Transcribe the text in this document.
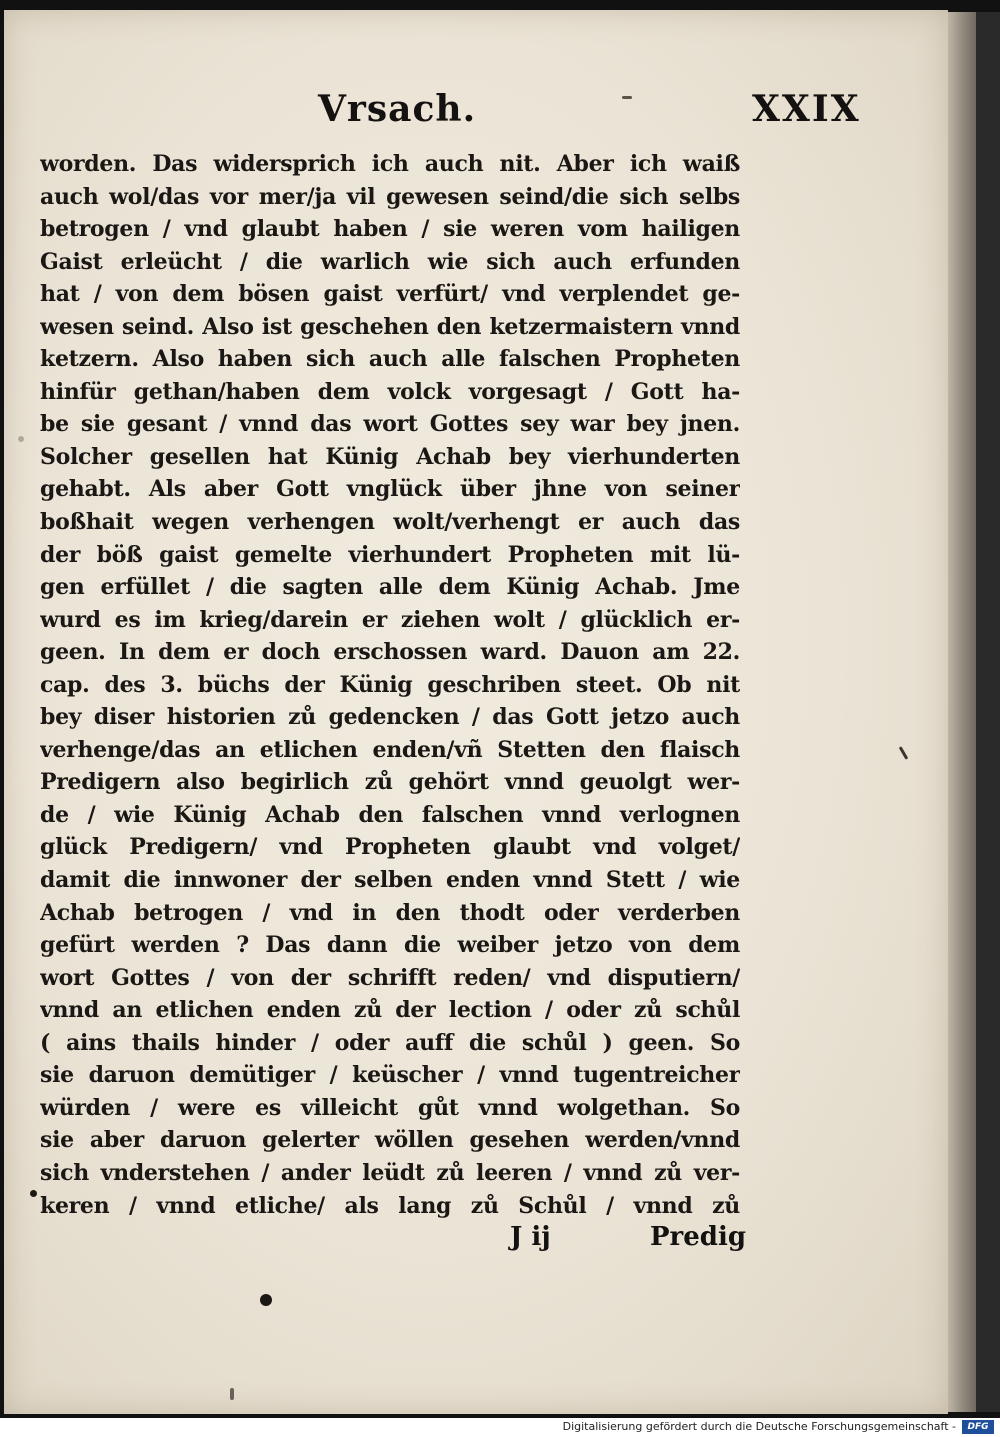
Vrsach.	XXIX
worden. Das widersprich ich auch nit. Aber ich waiß
auch wol/das vor mer/ja vil gewesen seind/die sich selbs
betrogen / vnd glaubt haben / sie weren vom hailigen
Gaist erleücht / die warlich wie sich auch erfunden
hat / von dem bösen gaist verfürt/ vnd verplendet ge-
wesen seind. Also ist geschehen den ketzermaistern vnnd
ketzern. Also haben sich auch alle falschen Propheten
hinfür gethan/haben dem volck vorgesagt / Gott ha-
be sie gesant / vnnd das wort Gottes sey war bey jnen.
Solcher gesellen hat Künig Achab bey vierhunderten
gehabt. Als aber Gott vnglück über jhne von seiner
boßhait wegen verhengen wolt/verhengt er auch das
der böß gaist gemelte vierhundert Propheten mit lü-
gen erfüllet / die sagten alle dem Künig Achab. Jme
wurd es im krieg/darein er ziehen wolt / glücklich er-
geen. In dem er doch erschossen ward. Dauon am 22.
cap. des 3. büchs der Künig geschriben steet. Ob nit
bey diser historien zů gedencken / das Gott jetzo auch
verhenge/das an etlichen enden/vñ Stetten den flaisch
Predigern also begirlich zů gehört vnnd geuolgt wer-
de / wie Künig Achab den falschen vnnd verlognen
glück Predigern/ vnd Propheten glaubt vnd volget/
damit die innwoner der selben enden vnnd Stett / wie
Achab betrogen / vnd in den thodt oder verderben
gefürt werden ? Das dann die weiber jetzo von dem
wort Gottes / von der schrifft reden/ vnd disputiern/
vnnd an etlichen enden zů der lection / oder zů schůl
( ains thails hinder / oder auff die schůl ) geen. So
sie daruon demütiger / keüscher / vnnd tugentreicher
würden / were es villeicht gůt vnnd wolgethan. So
sie aber daruon gelerter wöllen gesehen werden/vnnd
sich vnderstehen / ander leüdt zů leeren / vnnd zů ver-
keren / vnnd etliche/ als lang zů Schůl / vnnd zů
J ij	Predig
Digitalisierung gefördert durch die Deutsche Forschungsgemeinschaft -	DFG
